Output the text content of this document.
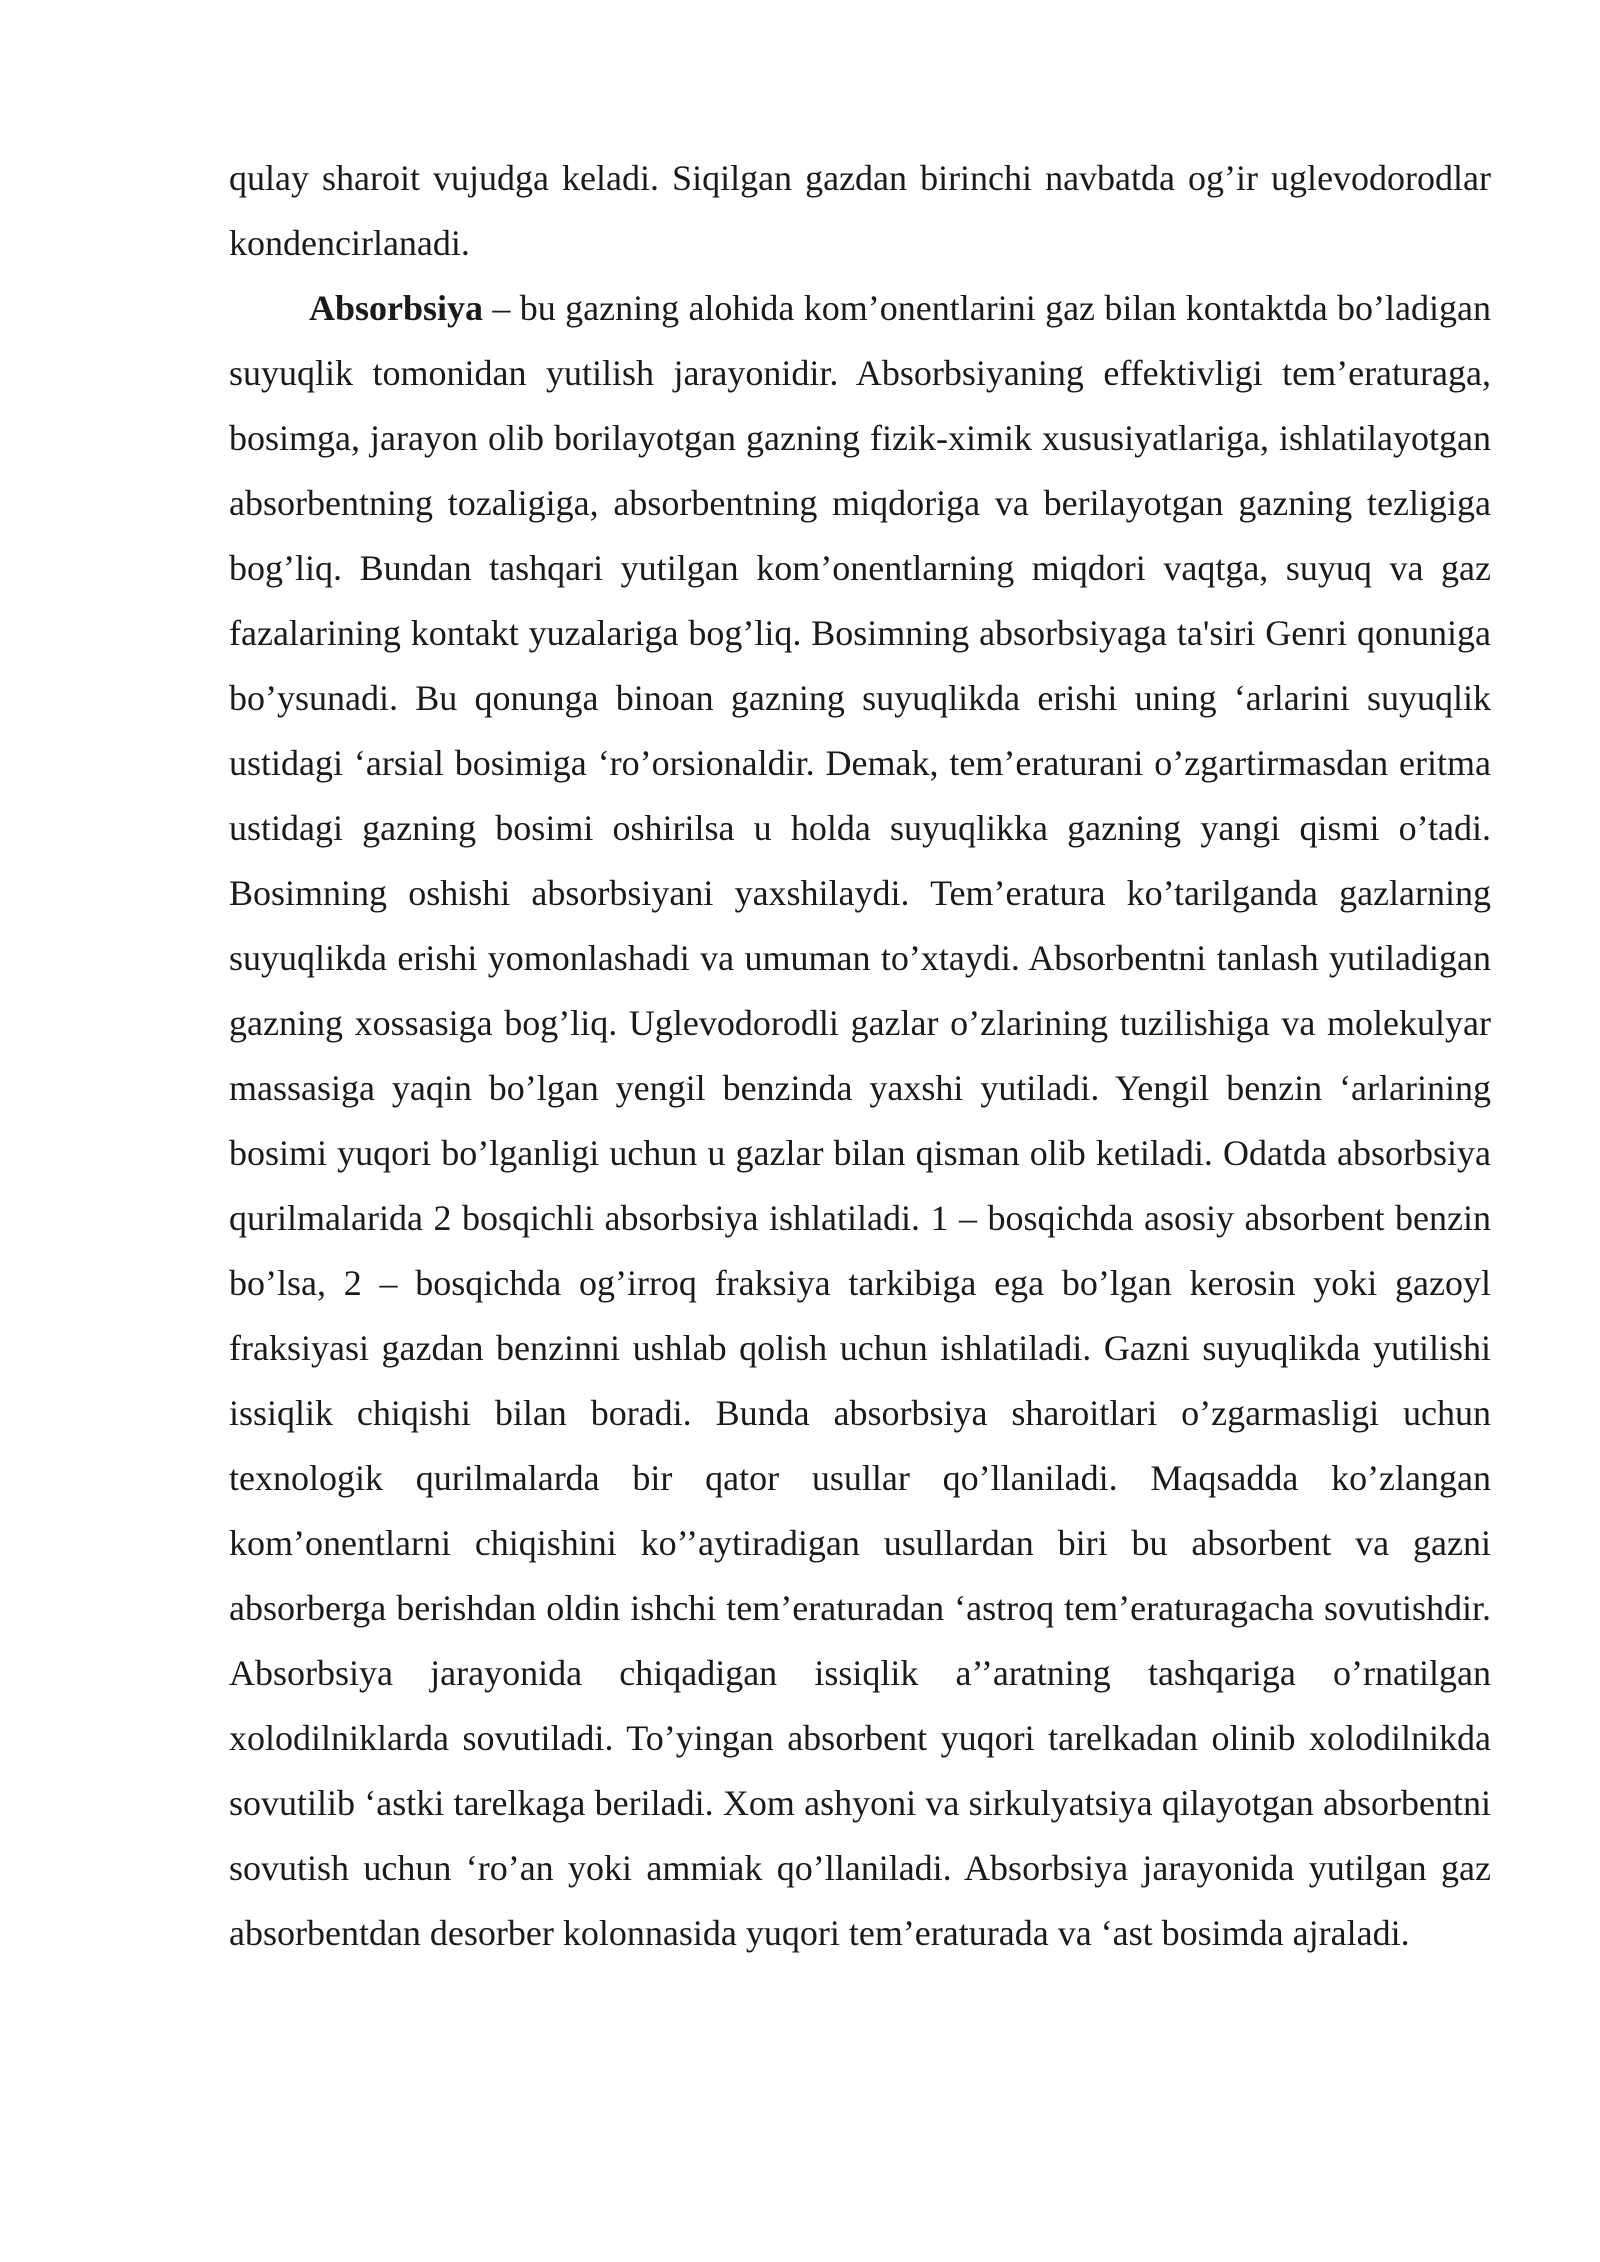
qulay sharoit vujudga keladi. Siqilgan gazdan birinchi navbatda og’ir uglevodorodlar kondencirlanadi.

Absorbsiya – bu gazning alohida kom’onentlarini gaz bilan kontaktda bo’ladigan suyuqlik tomonidan yutilish jarayonidir. Absorbsiyaning effektivligi tem’eraturaga, bosimga, jarayon olib borilayotgan gazning fizik-ximik xususiyatlariga, ishlatilayotgan absorbentning tozaligiga, absorbentning miqdoriga va berilayotgan gazning tezligiga bog’liq. Bundan tashqari yutilgan kom’onentlarning miqdori vaqtga, suyuq va gaz fazalarining kontakt yuzalariga bog’liq. Bosimning absorbsiyaga ta'siri Genri qonuniga bo’ysunadi. Bu qonunga binoan gazning suyuqlikda erishi uning ‘arlarini suyuqlik ustidagi ‘arsial bosimiga ‘ro’orsionaldir. Demak, tem’eraturani o’zgartirmasdan eritma ustidagi gazning bosimi oshirilsa u holda suyuqlikka gazning yangi qismi o’tadi. Bosimning oshishi absorbsiyani yaxshilaydi. Tem’eratura ko’tarilganda gazlarning suyuqlikda erishi yomonlashadi va umuman to’xtaydi. Absorbentni tanlash yutiladigan gazning xossasiga bog’liq. Uglevodorodli gazlar o’zlarining tuzilishiga va molekulyar massasiga yaqin bo’lgan yengil benzinda yaxshi yutiladi. Yengil benzin ‘arlarining bosimi yuqori bo’lganligi uchun u gazlar bilan qisman olib ketiladi. Odatda absorbsiya qurilmalarida 2 bosqichli absorbsiya ishlatiladi. 1 – bosqichda asosiy absorbent benzin bo’lsa, 2 – bosqichda og’irroq fraksiya tarkibiga ega bo’lgan kerosin yoki gazoyl fraksiyasi gazdan benzinni ushlab qolish uchun ishlatiladi. Gazni suyuqlikda yutilishi issiqlik chiqishi bilan boradi. Bunda absorbsiya sharoitlari o’zgarmasligi uchun texnologik qurilmalarda bir qator usullar qo’llaniladi. Maqsadda ko’zlangan kom’onentlarni chiqishini ko’’aytiradigan usullardan biri bu absorbent va gazni absorberga berishdan oldin ishchi tem’eraturadan ‘astroq tem’eraturagacha sovutishdir. Absorbsiya jarayonida chiqadigan issiqlik a’’aratning tashqariga o’rnatilgan xolodilniklarda sovutiladi. To’yingan absorbent yuqori tarelkadan olinib xolodilnikda sovutilib ‘astki tarelkaga beriladi. Xom ashyoni va sirkulyatsiya qilayotgan absorbentni sovutish uchun ‘ro’an yoki ammiak qo’llaniladi. Absorbsiya jarayonida yutilgan gaz absorbentdan desorber kolonnasida yuqori tem’eraturada va ‘ast bosimda ajraladi.
